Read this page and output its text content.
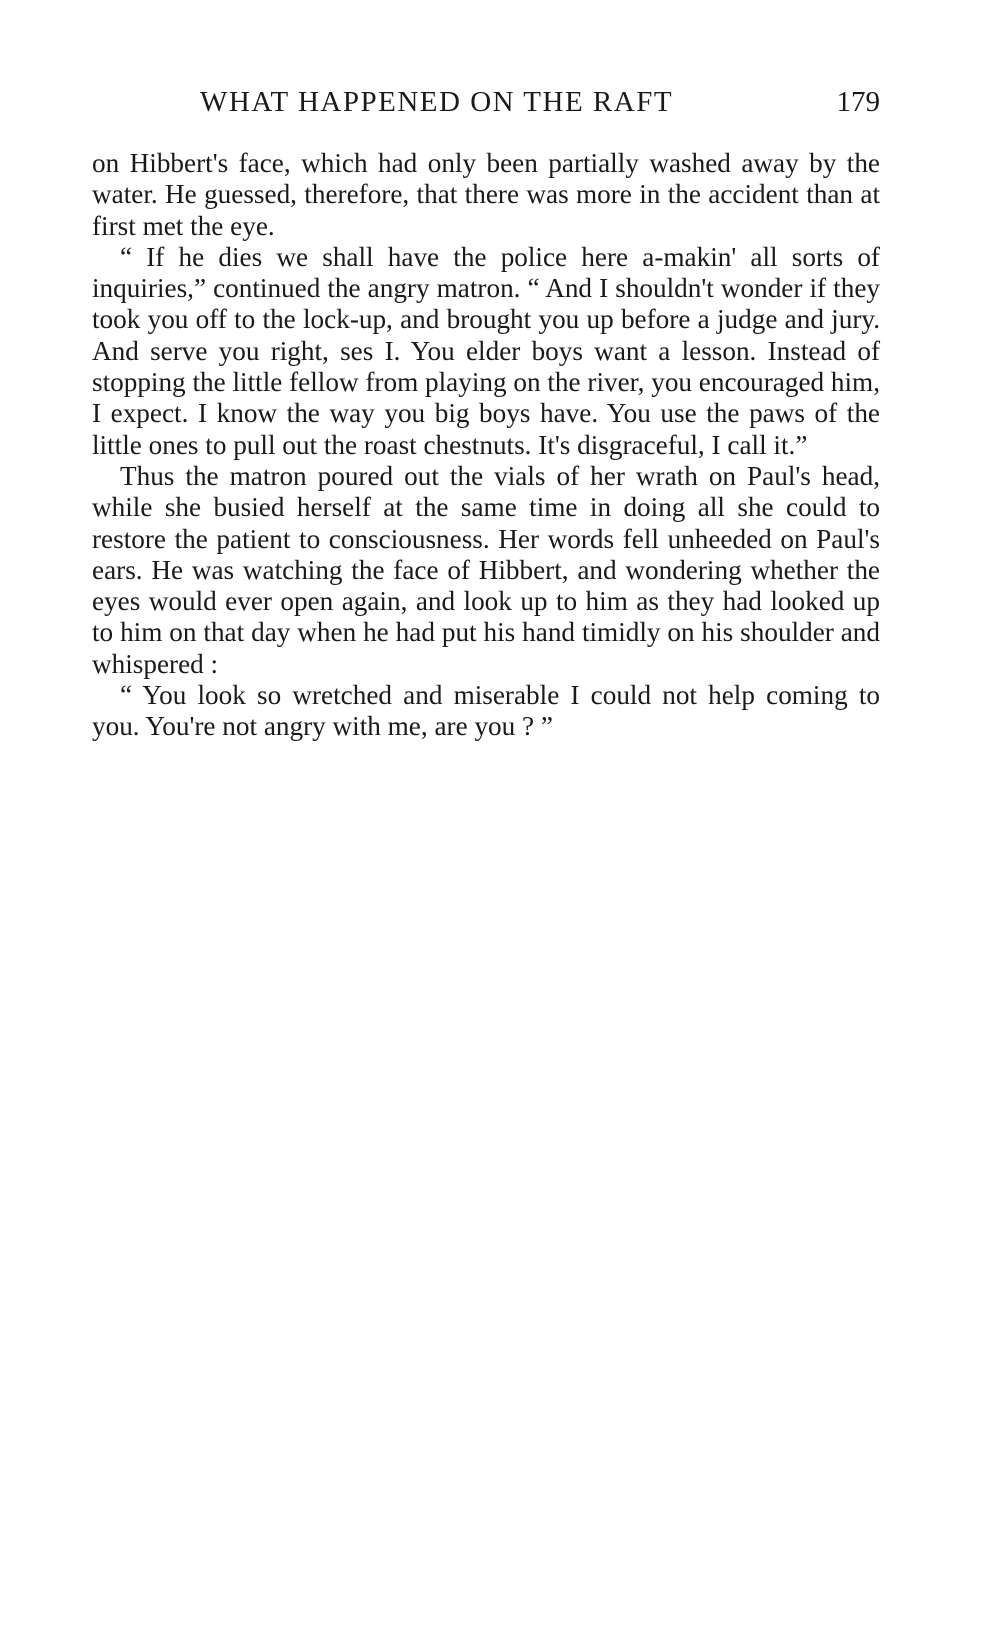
WHAT HAPPENED ON THE RAFT	179

on Hibbert's face, which had only been partially washed away by the water. He guessed, therefore, that there was more in the accident than at first met the eye.

“ If he dies we shall have the police here a-makin' all sorts of inquiries,” continued the angry matron. “ And I shouldn't wonder if they took you off to the lock-up, and brought you up before a judge and jury. And serve you right, ses I. You elder boys want a lesson. Instead of stopping the little fellow from playing on the river, you encouraged him, I expect. I know the way you big boys have. You use the paws of the little ones to pull out the roast chestnuts. It's disgraceful, I call it.”

Thus the matron poured out the vials of her wrath on Paul's head, while she busied herself at the same time in doing all she could to restore the patient to consciousness. Her words fell unheeded on Paul's ears. He was watching the face of Hibbert, and wondering whether the eyes would ever open again, and look up to him as they had looked up to him on that day when he had put his hand timidly on his shoulder and whispered :

“ You look so wretched and miserable I could not help coming to you. You're not angry with me, are you ? ”
